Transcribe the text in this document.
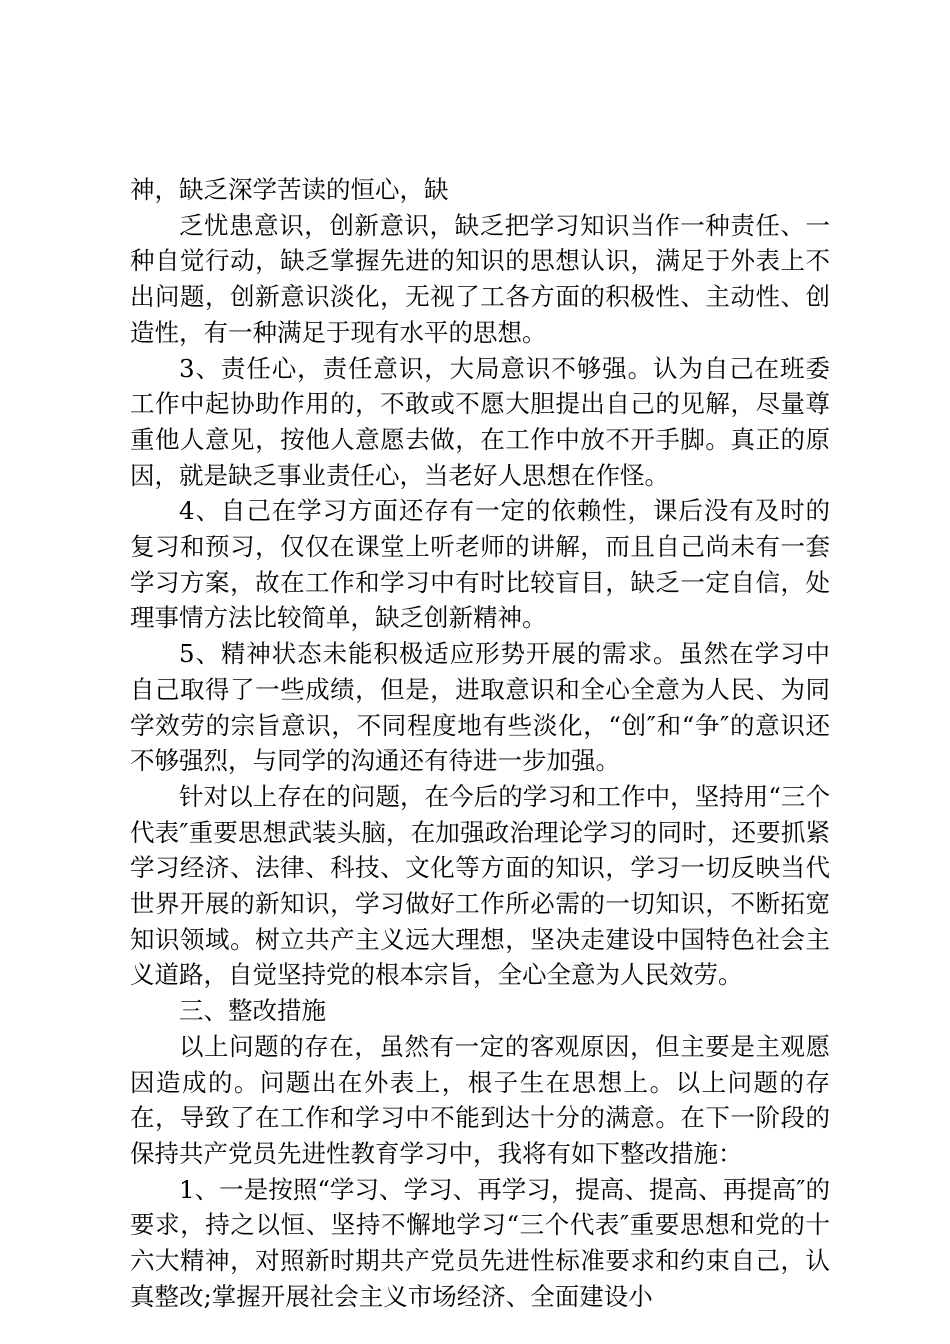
神，缺乏深学苦读的恒心，缺

乏忧患意识，创新意识，缺乏把学习知识当作一种责任、一种自觉行动，缺乏掌握先进的知识的思想认识，满足于外表上不出问题，创新意识淡化，无视了工各方面的积极性、主动性、创造性，有一种满足于现有水平的思想。

3、责任心，责任意识，大局意识不够强。认为自己在班委工作中起协助作用的，不敢或不愿大胆提出自己的见解，尽量尊重他人意见，按他人意愿去做，在工作中放不开手脚。真正的原因，就是缺乏事业责任心，当老好人思想在作怪。

4、自己在学习方面还存有一定的依赖性，课后没有及时的复习和预习，仅仅在课堂上听老师的讲解，而且自己尚未有一套学习方案，故在工作和学习中有时比较盲目，缺乏一定自信，处理事情方法比较简单，缺乏创新精神。

5、精神状态未能积极适应形势开展的需求。虽然在学习中自己取得了一些成绩，但是，进取意识和全心全意为人民、为同学效劳的宗旨意识，不同程度地有些淡化，“创″和“争″的意识还不够强烈，与同学的沟通还有待进一步加强。

针对以上存在的问题，在今后的学习和工作中，坚持用“三个代表″重要思想武装头脑，在加强政治理论学习的同时，还要抓紧学习经济、法律、科技、文化等方面的知识，学习一切反映当代世界开展的新知识，学习做好工作所必需的一切知识，不断拓宽知识领域。树立共产主义远大理想，坚决走建设中国特色社会主义道路，自觉坚持党的根本宗旨，全心全意为人民效劳。

三、整改措施

以上问题的存在，虽然有一定的客观原因，但主要是主观愿因造成的。问题出在外表上，根子生在思想上。以上问题的存在，导致了在工作和学习中不能到达十分的满意。在下一阶段的保持共产党员先进性教育学习中，我将有如下整改措施：

1、一是按照“学习、学习、再学习，提高、提高、再提高″的要求，持之以恒、坚持不懈地学习“三个代表″重要思想和党的十六大精神，对照新时期共产党员先进性标准要求和约束自己，认真整改;掌握开展社会主义市场经济、全面建设小
